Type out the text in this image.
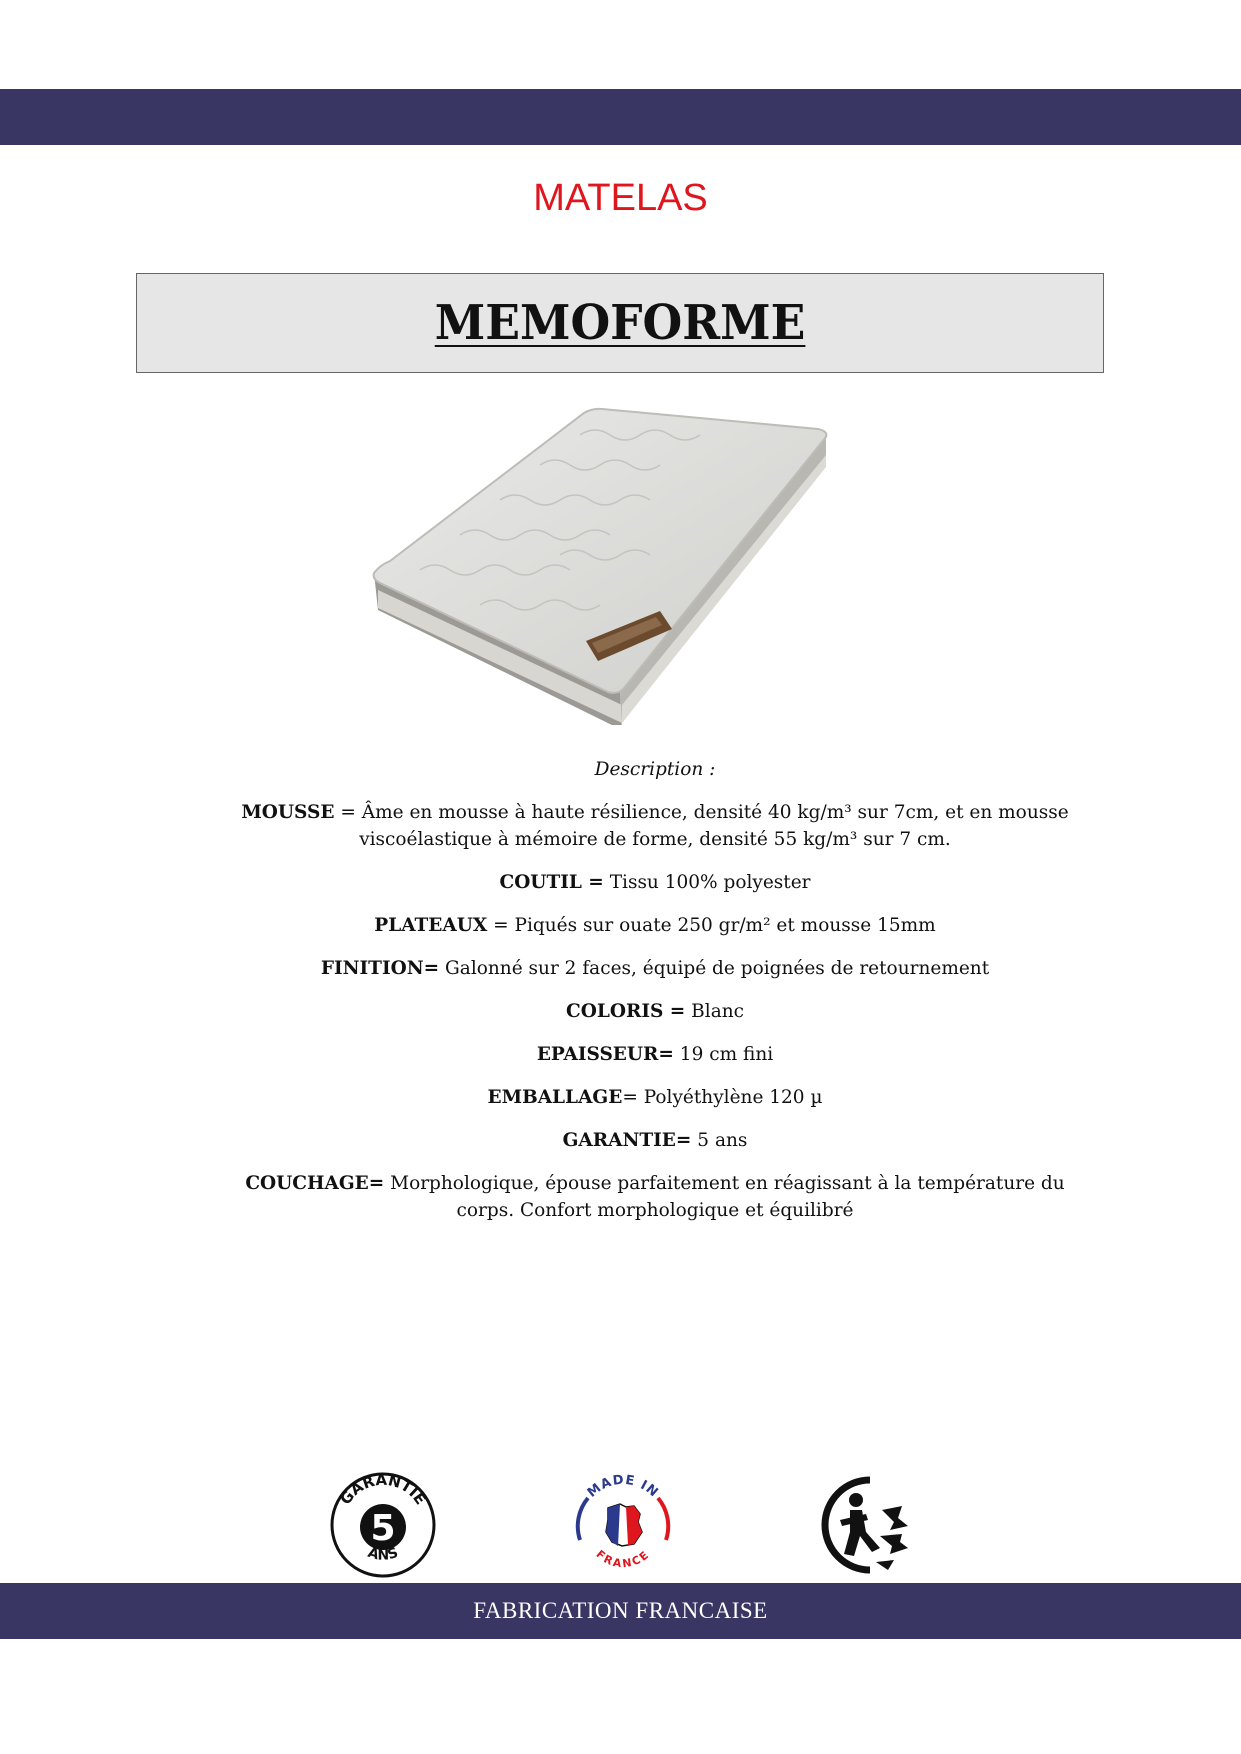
MATELAS
MEMOFORME
Description :

MOUSSE = Âme en mousse à haute résilience, densité 40 kg/m³ sur 7cm, et en mousse viscoélastique à mémoire de forme, densité 55 kg/m³ sur 7 cm.

COUTIL = Tissu 100% polyester

PLATEAUX = Piqués sur ouate 250 gr/m² et mousse 15mm

FINITION= Galonné sur 2 faces, équipé de poignées de retournement

COLORIS = Blanc

EPAISSEUR= 19 cm fini

EMBALLAGE= Polyéthylène 120 µ

GARANTIE= 5 ans

COUCHAGE= Morphologique, épouse parfaitement en réagissant à la température du corps. Confort morphologique et équilibré

GARANTIE
5
ANS
MADE IN
FRANCE
FABRICATION FRANCAISE
